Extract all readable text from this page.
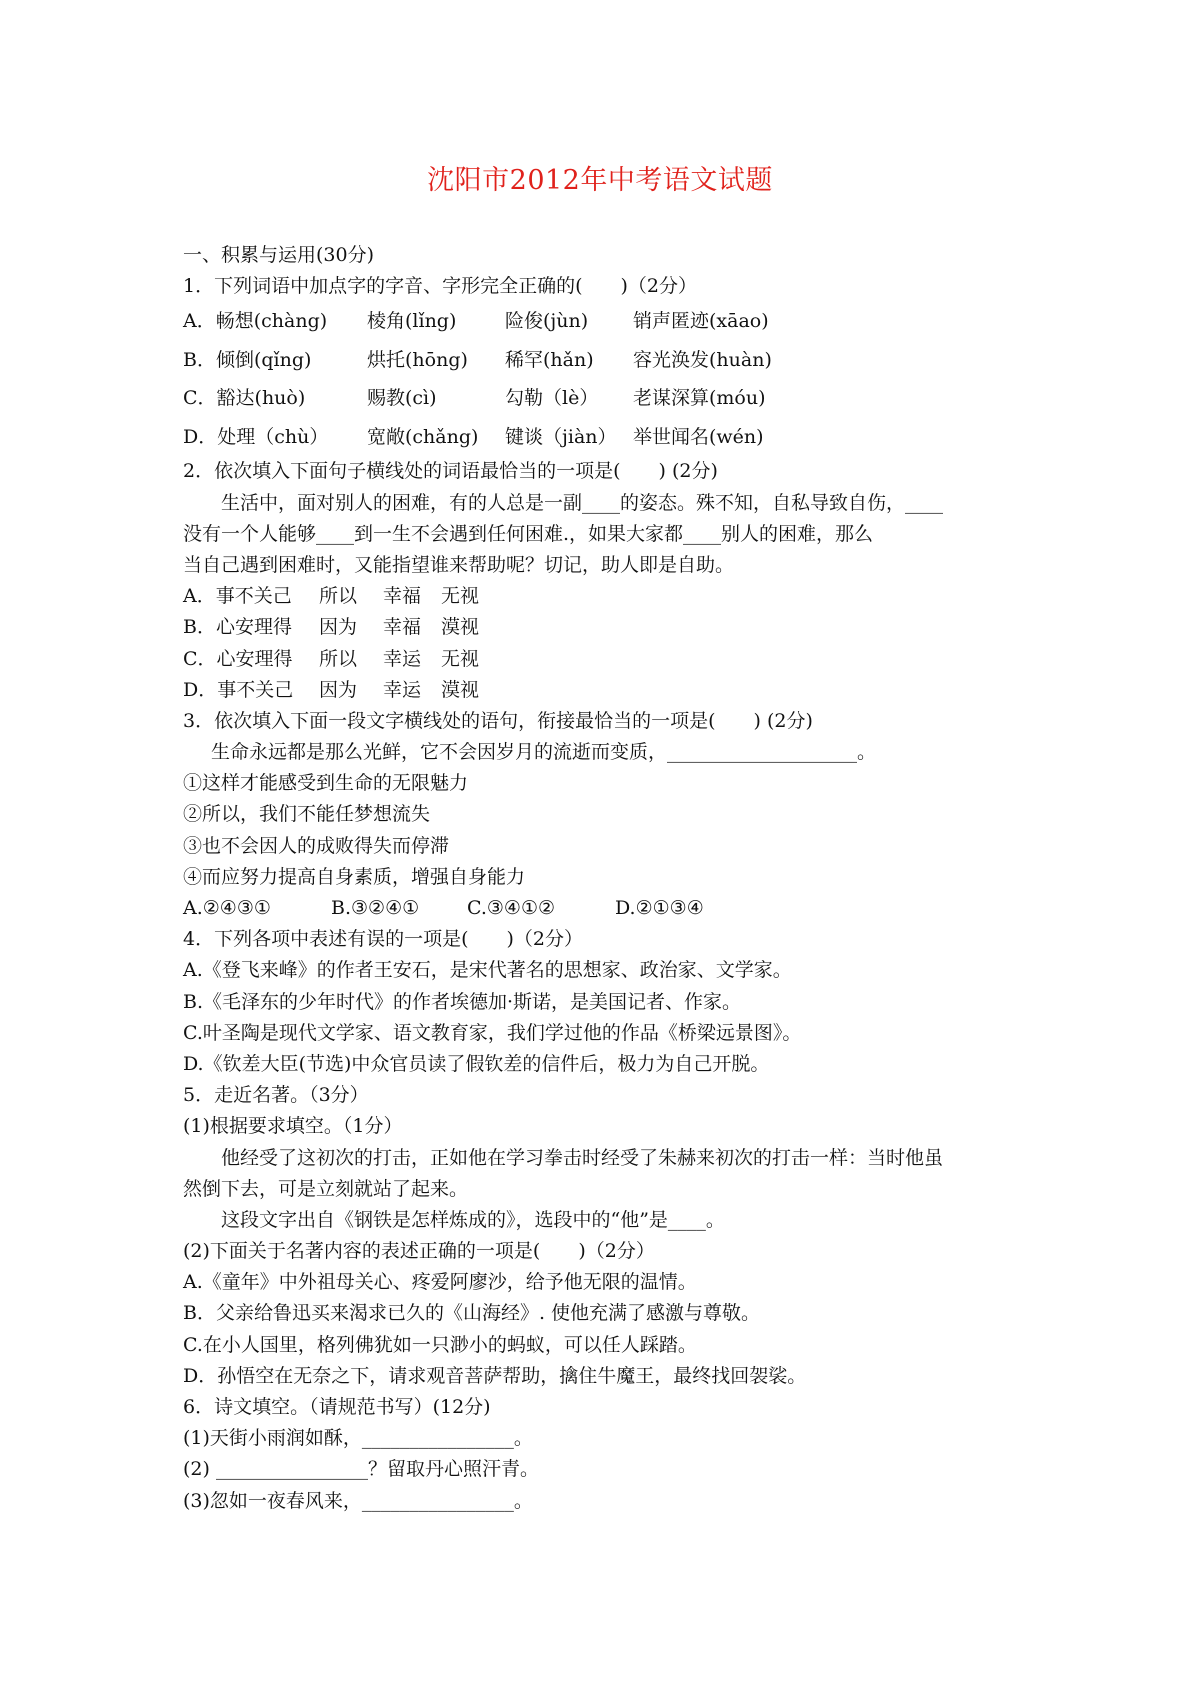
沈阳市2012年中考语文试题
一、积累与运用(30分)
1．下列词语中加点字的字音、字形完全正确的(　　)（2分）
A．畅想(chàng) 棱角(lǐng)	险俊(jùn) 销声匿迹(xāao)
B．倾倒(qǐng)	烘托(hōng) 稀罕(hǎn) 容光涣发(huàn)
C．豁达(huò)	赐教(cì)	勾勒（lè） 老谋深算(móu)
D．处理（chù） 宽敞(chǎng) 键谈（jiàn） 举世闻名(wén)
2．依次填入下面句子横线处的词语最恰当的一项是(　　) (2分)
生活中，面对别人的困难，有的人总是一副____的姿态。殊不知，自私导致自伤，____
没有一个人能够____到一生不会遇到任何困难.，如果大家都____别人的困难，那么
当自己遇到困难时，又能指望谁来帮助呢？切记，助人即是自助。
A．事不关己 所以 幸福 无视
B．心安理得 因为 幸福 漠视
C．心安理得 所以 幸运 无视
D．事不关己 因为 幸运 漠视
3．依次填入下面一段文字横线处的语句，衔接最恰当的一项是(　　) (2分)
生命永远都是那么光鲜，它不会因岁月的流逝而变质，____________________。
①这样才能感受到生命的无限魅力
②所以，我们不能任梦想流失
③也不会因人的成败得失而停滞
④而应努力提高自身素质，增强自身能力
A.②④③①	B.③②④①	C.③④①②	D.②①③④
4．下列各项中表述有误的一项是(　　)（2分）
A.《登飞来峰》的作者王安石，是宋代著名的思想家、政治家、文学家。
B.《毛泽东的少年时代》的作者埃德加·斯诺，是美国记者、作家。
C.叶圣陶是现代文学家、语文教育家，我们学过他的作品《桥梁远景图》。
D.《钦差大臣(节选)中众官员读了假钦差的信件后，极力为自己开脱。
5．走近名著。（3分）
(1)根据要求填空。（1分）
他经受了这初次的打击，正如他在学习拳击时经受了朱赫来初次的打击一样：当时他虽
然倒下去，可是立刻就站了起来。
这段文字出自《钢铁是怎样炼成的》，选段中的“他”是____。
(2)下面关于名著内容的表述正确的一项是(　　)（2分）
A.《童年》中外祖母关心、疼爱阿廖沙，给予他无限的温情。
B．父亲给鲁迅买来渴求已久的《山海经》. 使他充满了感激与尊敬。
C.在小人国里，格列佛犹如一只渺小的蚂蚁，可以任人踩踏。
D．孙悟空在无奈之下，请求观音菩萨帮助，擒住牛魔王，最终找回袈裟。
6．诗文填空。（请规范书写）(12分)
(1)天街小雨润如酥，________________。
(2) ________________？留取丹心照汗青。
(3)忽如一夜春风来，________________。
